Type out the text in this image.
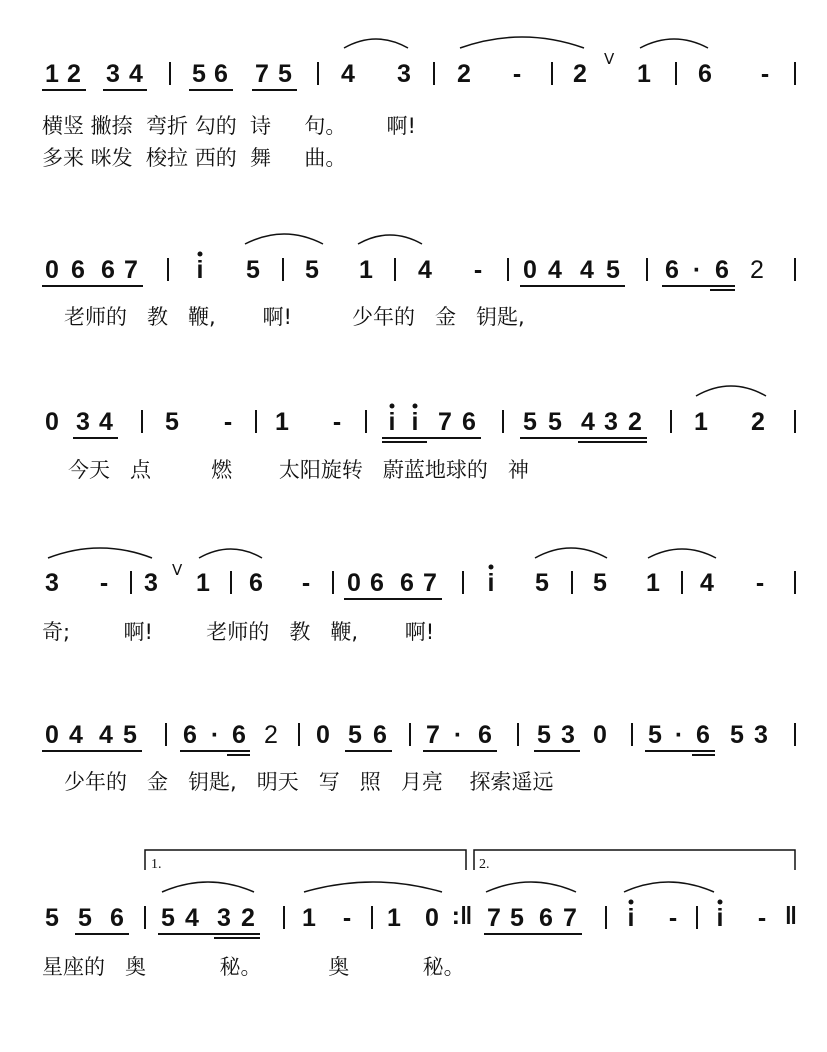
1 2 3 4 | 5 6 7 5 | 4 3 | 2 - | 2 1 | 6 - |
V
横竖 撇捺  弯折 勾的  诗     句。      啊!
多来 咪发  梭拉 西的  舞     曲。
0 6 6 7 | i 5 | 5 1 | 4 - | 0 4 4 5 | 6 · 6 2 |
老师的   教   鞭,       啊!         少年的   金   钥匙,
0 3 4 | 5 - | 1 - | i i 7 6 | 5 5 4 3 2 | 1 2 |
今天   点         燃       太阳旋转   蔚蓝地球的   神
3 - | 3 1 | 6 - | 0 6 6 7 | i 5 | 5 1 | 4 - |
V
奇;        啊!        老师的   教   鞭,       啊!
0 4 4 5 | 6 · 6 2 | 0 5 6 | 7 · 6 | 5 3 0 | 5 · 6 5 3 |
少年的   金   钥匙,   明天   写   照   月亮    探索遥远
5 5 6 | 5 4 3 2 | 1 - | 1 0 :‖ 7 5 6 7 | i - | i - ‖
1.	2.
星座的   奥           秘。          奥           秘。
